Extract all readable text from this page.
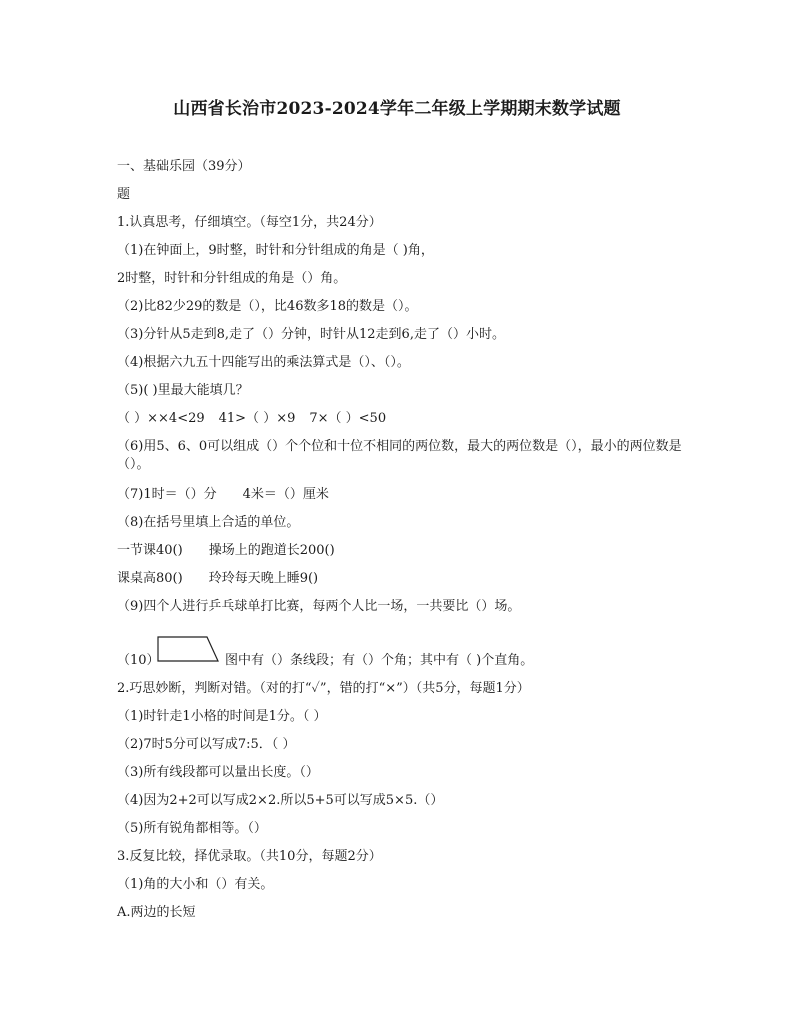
山西省长治市2023-2024学年二年级上学期期末数学试题
一、基础乐园（39分）
题
1.认真思考，仔细填空。（每空1分，共24分）
（1)在钟面上，9时整，时针和分针组成的角是（ )角，
2时整，时针和分针组成的角是（）角。
（2)比82少29的数是（），比46数多18的数是（）。
（3)分针从5走到8,走了（）分钟，时针从12走到6,走了（）小时。
（4)根据六九五十四能写出的乘法算式是（）、（）。
（5)( )里最大能填几？
（ ）××4<29 41>（ ）×9 7×（ ）<50
（6)用5、6、0可以组成（）个个位和十位不相同的两位数，最大的两位数是（），最小的两位数是（）。
（7)1时＝（）分 4米＝（）厘米
（8)在括号里填上合适的单位。
一节课40() 操场上的跑道长200()
课桌高80() 玲玲每天晚上睡9()
（9)四个人进行乒乓球单打比赛，每两个人比一场，一共要比（）场。
（10）	图中有（）条线段；有（）个角；其中有（ )个直角。
2.巧思妙断，判断对错。（对的打“✓”，错的打“×”）（共5分，每题1分）
（1)时针走1小格的时间是1分。（ ）
（2)7时5分可以写成7:5．（ ）
（3)所有线段都可以量出长度。（）
（4)因为2+2可以写成2×2.所以5+5可以写成5×5.（）
（5)所有锐角都相等。（）
3.反复比较，择优录取。（共10分，每题2分）
（1)角的大小和（）有关。
A.两边的长短
